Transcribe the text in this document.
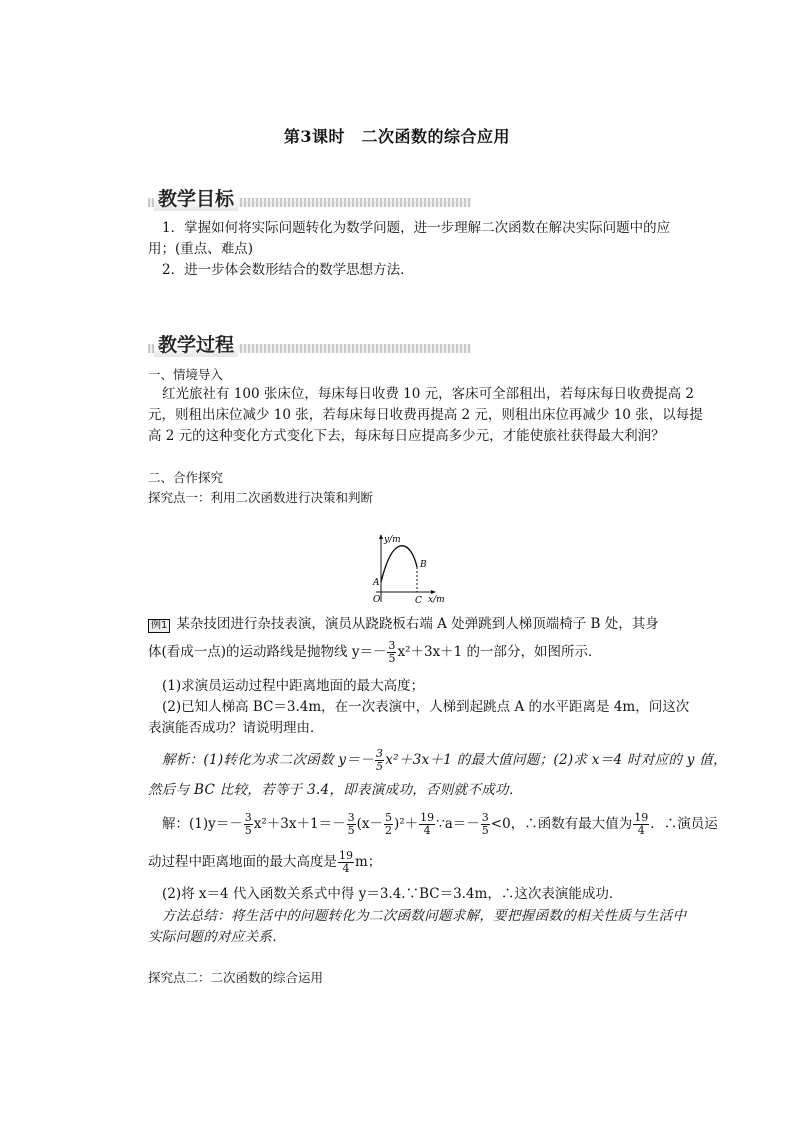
第3课时　二次函数的综合应用
教学目标
1．掌握如何将实际问题转化为数学问题，进一步理解二次函数在解决实际问题中的应
用；(重点、难点)
2．进一步体会数形结合的数学思想方法．
教学过程
一、情境导入
红光旅社有 100 张床位，每床每日收费 10 元，客床可全部租出，若每床每日收费提高 2
元，则租出床位减少 10 张，若每床每日收费再提高 2 元，则租出床位再减少 10 张，以每提
高 2 元的这种变化方式变化下去，每床每日应提高多少元，才能使旅社获得最大利润？
二、合作探究
探究点一：利用二次函数进行决策和判断
y/m
x/m
O
A
B
C
例1 某杂技团进行杂技表演，演员从跷跷板右端 A 处弹跳到人梯顶端椅子 B 处，其身
体(看成一点)的运动路线是抛物线 $y=- \frac{3}{5} x^2+3x+1$ 的一部分，如图所示．
(1)求演员运动过程中距离地面的最大高度；
(2)已知人梯高 BC＝3.4m，在一次表演中，人梯到起跳点 A 的水平距离是 4m，问这次
表演能否成功？请说明理由．
解析：(1)转化为求二次函数 $y=- \frac{3}{5} x^2+3x+1$ 的最大值问题；(2)求 x＝4 时对应的 y 值，
然后与 BC 比较，若等于 3.4，即表演成功，否则就不成功．
解：$(1)y=- \frac{3}{5} x^2+3x+1=- \frac{3}{5} (x- \frac{5}{2} )^2+ \frac{19}{4}$ ∵a＝－ $\frac{3}{5} <0$，∴函数有最大值为 $\frac{19}{4}$ ．∴演员运
动过程中距离地面的最大高度是 $\frac{19}{4}$ m；
(2)将 x＝4 代入函数关系式中得 y＝3.4.∵BC＝3.4m，∴这次表演能成功．
方法总结：将生活中的问题转化为二次函数问题求解，要把握函数的相关性质与生活中
实际问题的对应关系．
探究点二：二次函数的综合运用
